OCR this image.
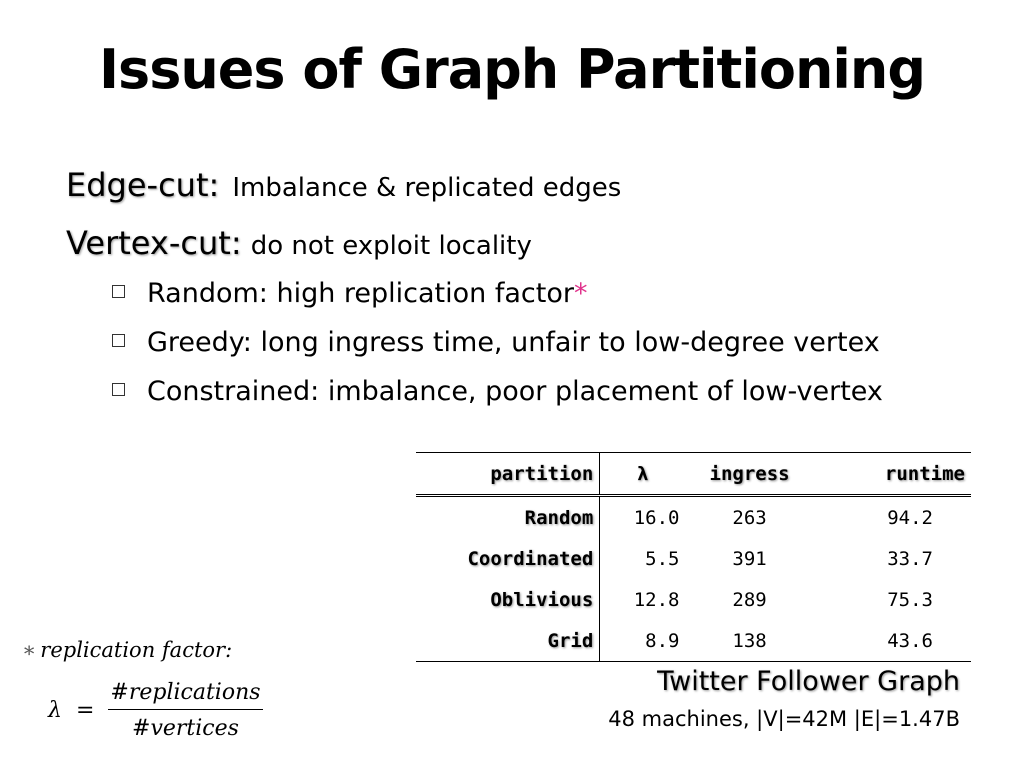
Issues of Graph Partitioning
Edge-cut: Imbalance & replicated edges
Vertex-cut: do not exploit locality
Random: high replication factor*
Greedy: long ingress time, unfair to low-degree vertex
Constrained: imbalance, poor placement of low-vertex
partition	λ	ingress	runtime
Random	16.0	263	94.2
Coordinated	5.5	391	33.7
Oblivious	12.8	289	75.3
Grid	8.9	138	43.6
Twitter Follower Graph
48 machines, |V|=42M |E|=1.47B
∗ replication factor:
$\lambda = \frac{\text{\#replications}}{\text{\#vertices}}$
